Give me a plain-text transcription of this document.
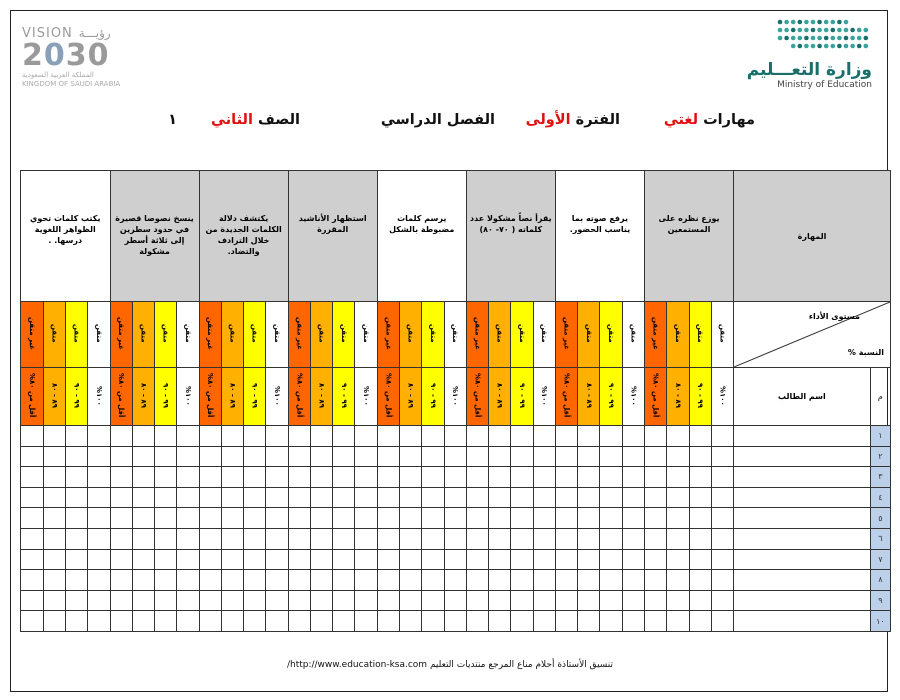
VISION رؤيـــة
2030
المملكة العربية السعودية
KINGDOM OF SAUDI ARABIA
وزارة التعـــليم
Ministry of Education
مهارات لغتي
الفترة الأولى
الفصل الدراسي
الصف الثاني
١
المهارة		يوزع نظره على المستمعين				يرفع صوته بما يناسب الحضور.				يقرأ نصاً مشكولا عدد كلماته ( ٧٠- ٨٠)				يرسم كلمات مضبوطة بالشكل				استظهار الأناشيد المقررة				يكتشف دلالة الكلمات الجديدة من خلال الترادف والتضاد.				ينسخ نصوصا قصيرة في حدود سطرين إلى ثلاثة أسطر مشكولة				يكتب كلمات تحوي الظواهر اللغوية درسها. .			

مستوى الأداء
النسبة %		متقن	متقن	متقن	غير متقن	متقن	متقن	متقن	غير متقن	متقن	متقن	متقن	غير متقن	متقن	متقن	متقن	غير متقن	متقن	متقن	متقن	غير متقن	متقن	متقن	متقن	غير متقن	متقن	متقن	متقن	غير متقن	متقن	متقن	متقن	غير متقن
م	اسم الطالب	١٠٠%	٩٩ - ٩٠	٨٩ - ٨٠	أقل من ٨٠%	١٠٠%	٩٩ - ٩٠	٨٩ - ٨٠	أقل من ٨٠%	١٠٠%	٩٩ - ٩٠	٨٩ - ٨٠	أقل من ٨٠%	١٠٠%	٩٩ - ٩٠	٨٩ - ٨٠	أقل من ٨٠%	١٠٠%	٩٩ - ٩٠	٨٩ - ٨٠	أقل من ٨٠%	١٠٠%	٩٩ - ٩٠	٨٩ - ٨٠	أقل من ٨٠%	١٠٠%	٩٩ - ٩٠	٨٩ - ٨٠	أقل من ٨٠%	١٠٠%	٩٩ - ٩٠	٨٩ - ٨٠	أقل من ٨٠%
١																																	
٢																																	
٣																																	
٤																																	
٥																																	
٦																																	
٧																																	
٨																																	
٩																																	
١٠																																	
تنسيق الأستاذة أحلام مناع المرجع منتديات التعليم http://www.education-ksa.com/
